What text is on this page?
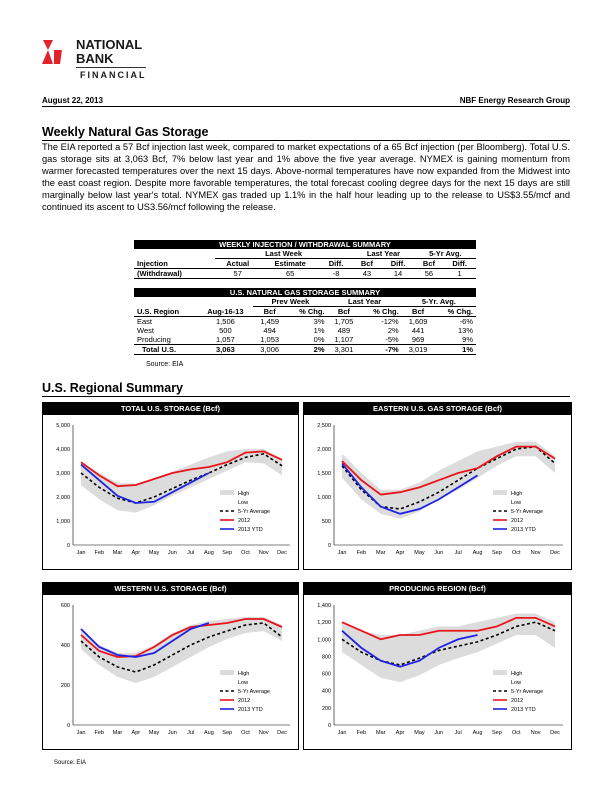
NATIONAL
BANK
FINANCIAL
August 22, 2013	NBF Energy Research Group
Weekly Natural Gas Storage
The EIA reported a 57 Bcf injection last week, compared to market expectations of a 65 Bcf injection (per Bloomberg). Total U.S. gas storage sits at 3,063 Bcf, 7% below last year and 1% above the five year average. NYMEX is gaining momentum from warmer forecasted temperatures over the next 15 days. Above-normal temperatures have now expanded from the Midwest into the east coast region. Despite more favorable temperatures, the total forecast cooling degree days for the next 15 days are still marginally below last year's total. NYMEX gas traded up 1.1% in the half hour leading up to the release to US$3.55/mcf and continued its ascent to US3.56/mcf following the release.
WEEKLY INJECTION / WITHDRAWAL SUMMARY							
	Last Week			Last Year		5-Yr Avg.	
Injection	Actual	Estimate	Diff.	Bcf	Diff.	Bcf	Diff.
(Withdrawal)	57	65	-8	43	14	56	1
U.S. NATURAL GAS STORAGE SUMMARY							
		Prev Week		Last Year		5-Yr. Avg.	
U.S. Region	Aug-16-13	Bcf	% Chg.	Bcf	% Chg.	Bcf	% Chg.
East	1,506	1,459	3%	1,705	-12%	1,609	-6%
West	500	494	1%	489	2%	441	13%
Producing	1,057	1,053	0%	1,107	-5%	969	9%
Total U.S.	3,063	3,006	2%	3,301	-7%	3,019	1%
Source: EIA
U.S. Regional Summary
TOTAL U.S. STORAGE (Bcf)
0
1,000
2,000
3,000
4,000
5,000
Jan Feb Mar Apr May Jun Jul Aug Sep Oct Nov Dec
High
Low
5-Yr Average
2012
2013 YTD
EASTERN U.S. GAS STORAGE (Bcf)
0
500
1,000
1,500
2,000
2,500
Jan Feb Mar Apr May Jun Jul Aug Sep Oct Nov Dec
High
Low
5-Yr Average
2012
2013 YTD
WESTERN U.S. STORAGE (Bcf)
0
200
400
600
Jan Feb Mar Apr May Jun Jul Aug Sep Oct Nov Dec
High
Low
5-Yr Average
2012
2013 YTD
PRODUCING REGION (Bcf)
0
200
400
600
800
1,000
1,200
1,400
Jan Feb Mar Apr May Jun Jul Aug Sep Oct Nov Dec
High
Low
5-Yr Average
2012
2013 YTD
Source: EIA
